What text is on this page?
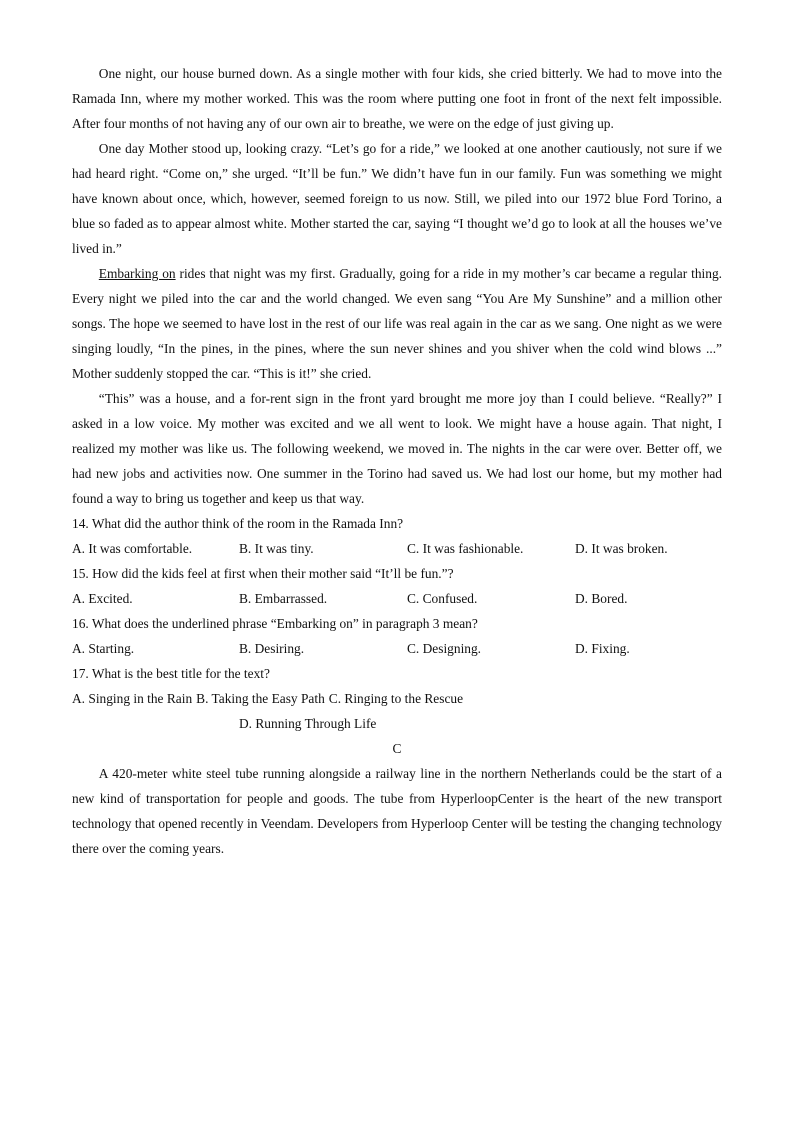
One night, our house burned down. As a single mother with four kids, she cried bitterly. We had to move into the Ramada Inn, where my mother worked. This was the room where putting one foot in front of the next felt impossible. After four months of not having any of our own air to breathe, we were on the edge of just giving up.

One day Mother stood up, looking crazy. “Let’s go for a ride,” we looked at one another cautiously, not sure if we had heard right. “Come on,” she urged. “It’ll be fun.” We didn’t have fun in our family. Fun was something we might have known about once, which, however, seemed foreign to us now. Still, we piled into our 1972 blue Ford Torino, a blue so faded as to appear almost white. Mother started the car, saying “I thought we’d go to look at all the houses we’ve lived in.”

Embarking on rides that night was my first. Gradually, going for a ride in my mother’s car became a regular thing. Every night we piled into the car and the world changed. We even sang “You Are My Sunshine” and a million other songs. The hope we seemed to have lost in the rest of our life was real again in the car as we sang. One night as we were singing loudly, “In the pines, in the pines, where the sun never shines and you shiver when the cold wind blows ...” Mother suddenly stopped the car. “This is it!” she cried.

“This” was a house, and a for-rent sign in the front yard brought me more joy than I could believe. “Really?” I asked in a low voice. My mother was excited and we all went to look. We might have a house again. That night, I realized my mother was like us. The following weekend, we moved in. The nights in the car were over. Better off, we had new jobs and activities now. One summer in the Torino had saved us. We had lost our home, but my mother had found a way to bring us together and keep us that way.

14. What did the author think of the room in the Ramada Inn?
A. It was comfortable.	B. It was tiny.	C. It was fashionable.	D. It was broken.
15. How did the kids feel at first when their mother said “It’ll be fun.”?
A. Excited.	B. Embarrassed.	C. Confused.	D. Bored.
16. What does the underlined phrase “Embarking on” in paragraph 3 mean?
A. Starting.	B. Desiring.	C. Designing.	D. Fixing.
17. What is the best title for the text?
A. Singing in the Rain B. Taking the Easy Path C. Ringing to the Rescue
D. Running Through Life
C

A 420-meter white steel tube running alongside a railway line in the northern Netherlands could be the start of a new kind of transportation for people and goods. The tube from HyperloopCenter is the heart of the new transport technology that opened recently in Veendam. Developers from Hyperloop Center will be testing the changing technology there over the coming years.
